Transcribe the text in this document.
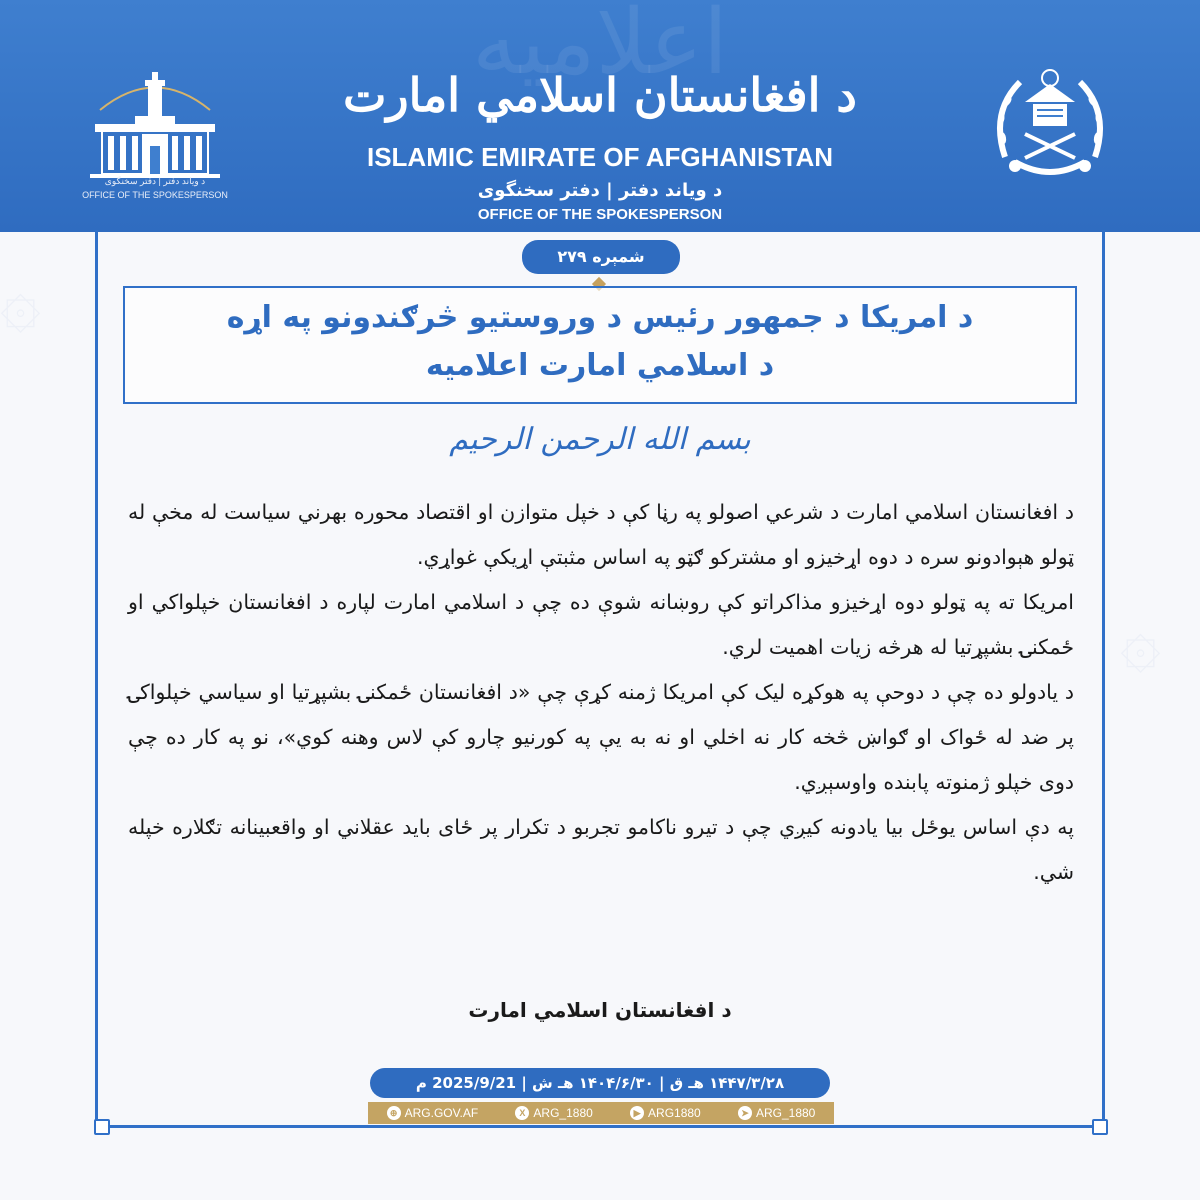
۞
۞
اعلامیه
د ویاند دفتر | دفتر سخنگوی
OFFICE OF THE SPOKESPERSON
د افغانستان اسلامي امارت
ISLAMIC EMIRATE OF AFGHANISTAN
د ویاند دفتر | دفتر سخنگوی
OFFICE OF THE SPOKESPERSON
شمېره ۲۷۹
د امریکا د جمهور رئیس د وروستیو څرګندونو په اړه
د اسلامي امارت اعلامیه
بسم الله الرحمن الرحیم

د افغانستان اسلامي امارت د شرعي اصولو په رڼا کې د خپل متوازن او اقتصاد محوره بهرني سیاست له مخې له ټولو هېوادونو سره د دوه اړخیزو او مشترکو ګټو په اساس مثبتې اړیکې غواړي.

امریکا ته په ټولو دوه اړخیزو مذاکراتو کې روښانه شوې ده چې د اسلامي امارت لپاره د افغانستان خپلواکي او ځمکنۍ بشپړتیا له هرڅه زیات اهمیت لري.

د یادولو ده چې د دوحې په هوکړه لیک کې امریکا ژمنه کړې چې «د افغانستان ځمکنۍ بشپړتیا او سیاسي خپلواکۍ پر ضد له ځواک او ګواښ څخه کار نه اخلي او نه به یې په کورنیو چارو کې لاس وهنه کوي»، نو په کار ده چې دوی خپلو ژمنوته پابنده واوسېږي.

په دې اساس یوځل بیا یادونه کیږي چې د تیرو ناکامو تجربو د تکرار پر ځای باید عقلاني او واقعبینانه تګلاره خپله شي.

د افغانستان اسلامي امارت
۱۴۴۷/۳/۲۸ هـ ق | ۱۴۰۴/۶/۳۰ هـ ش | 2025/9/21 م
⊕ ARG.GOV.AF	X ARG_1880	▶ ARG1880	➤ ARG_1880
